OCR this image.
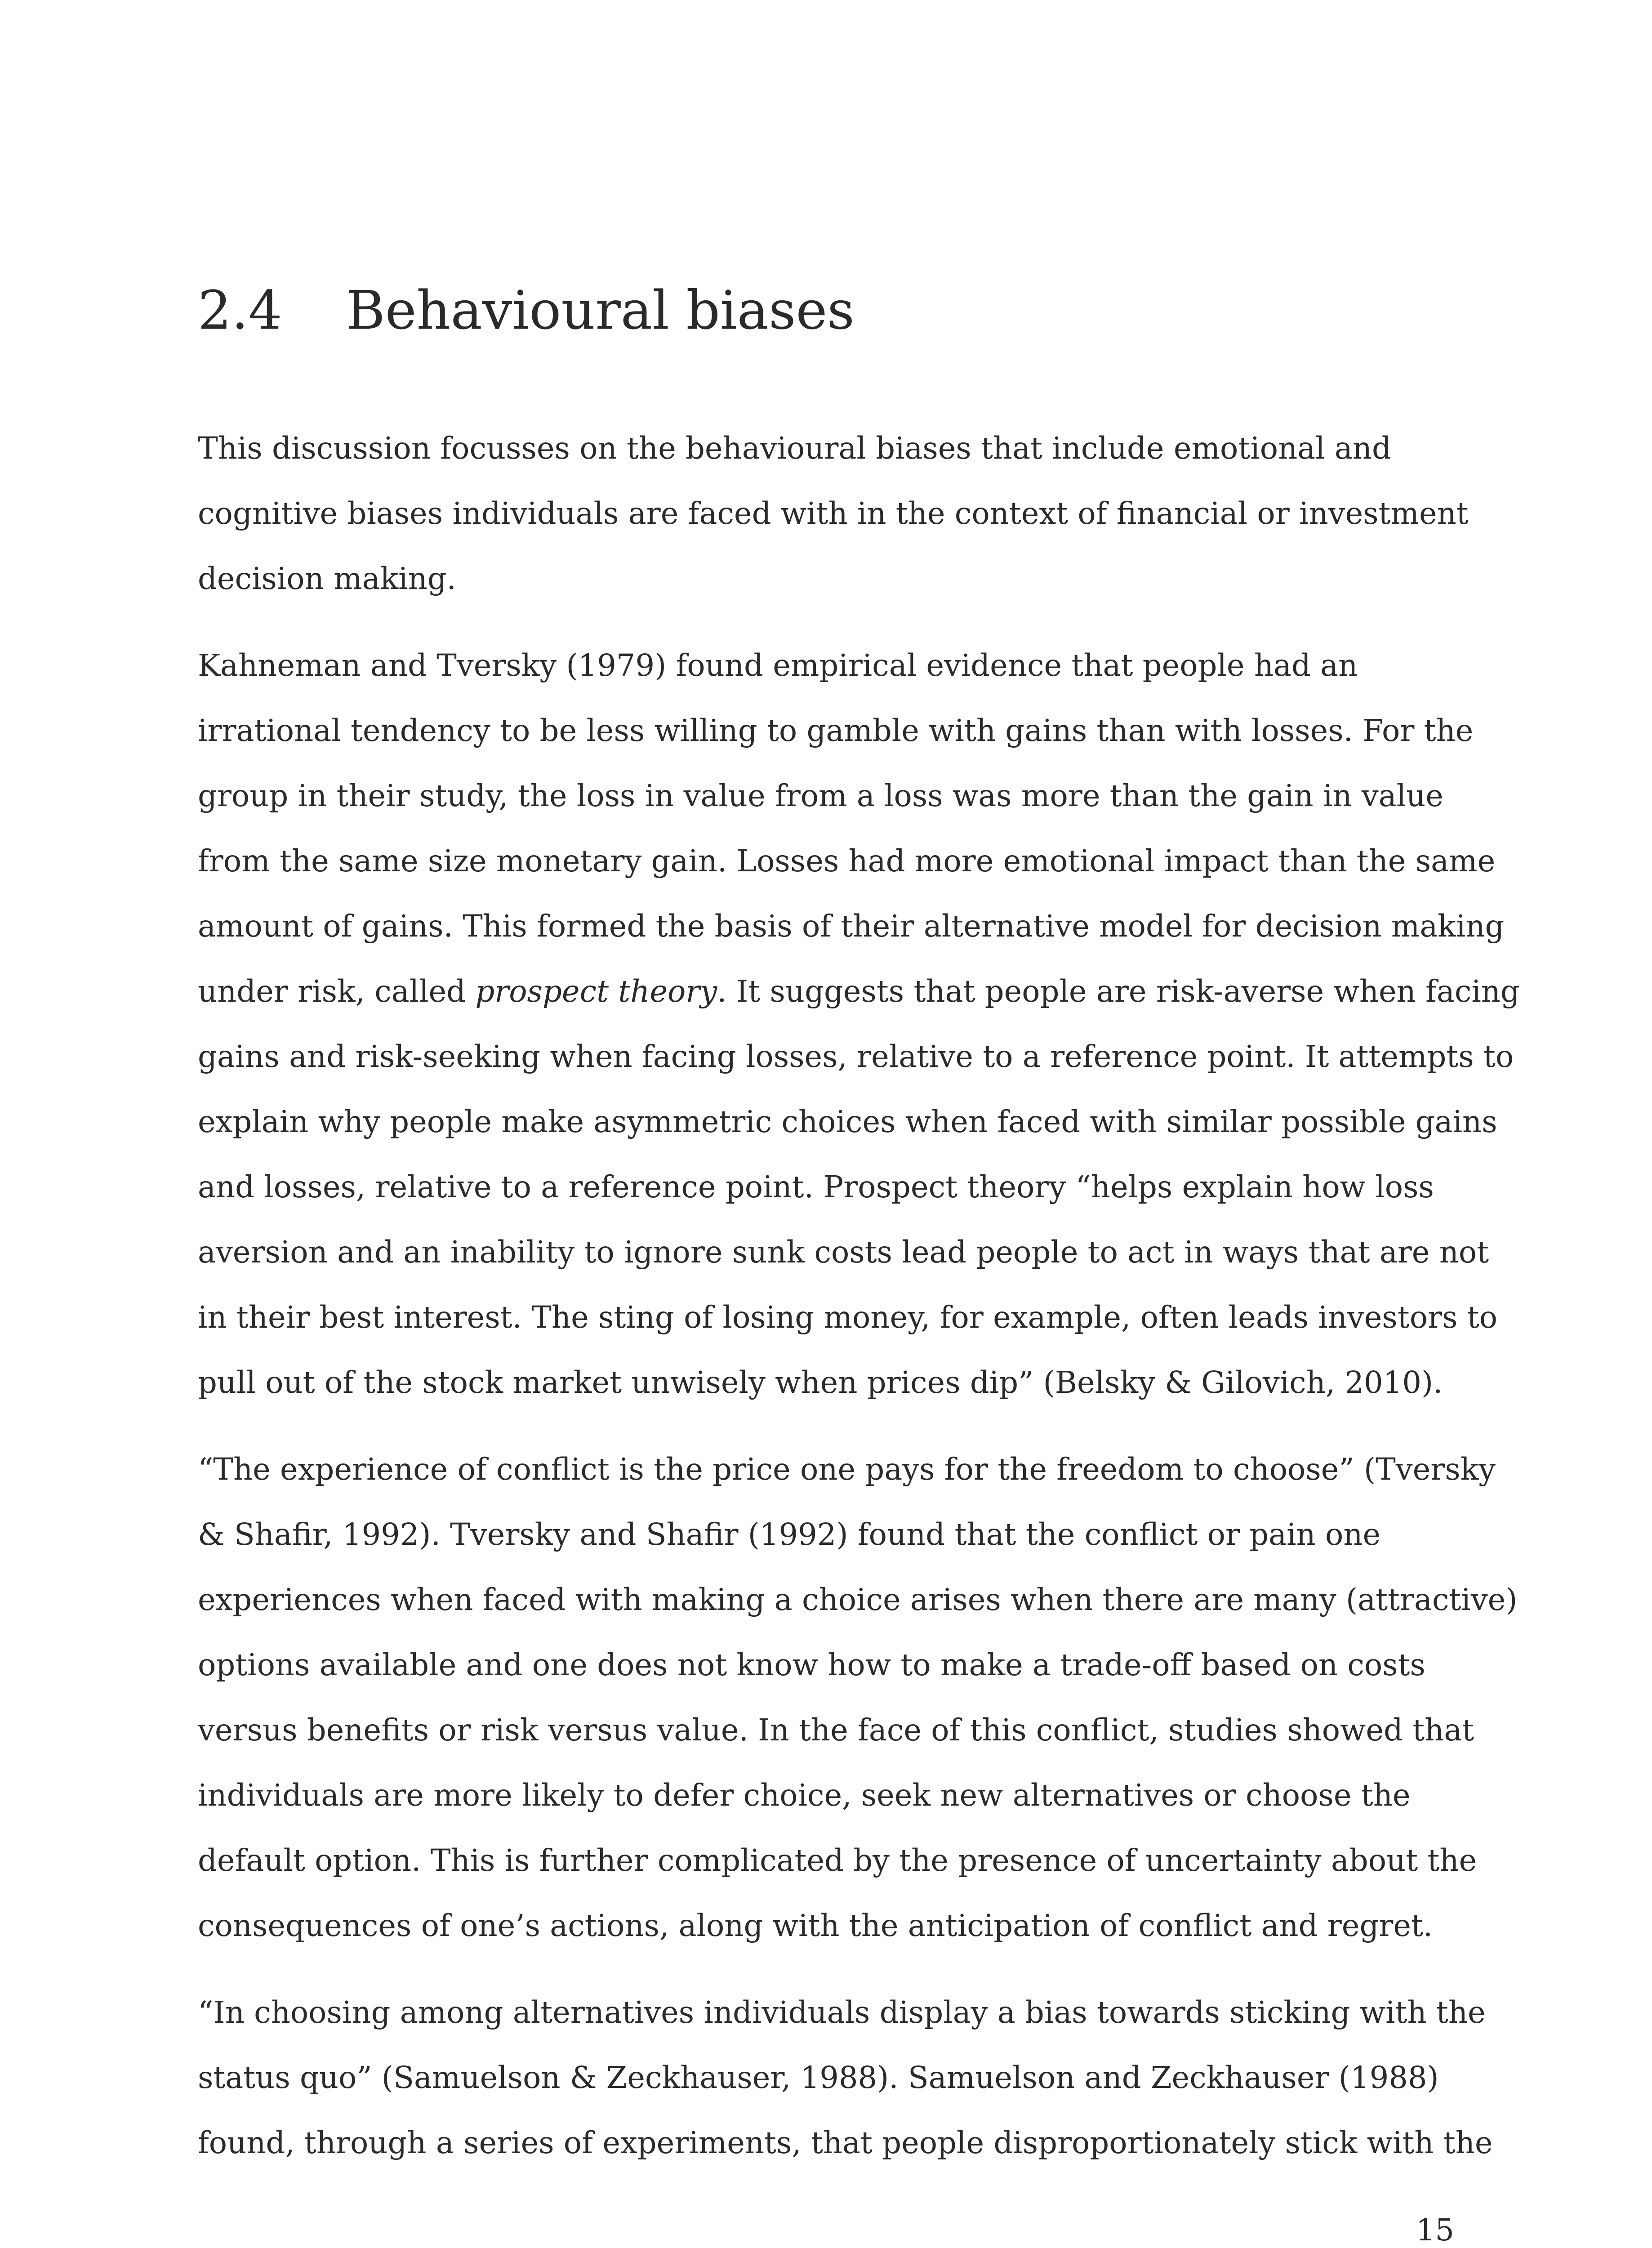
2.4 Behavioural biases

This discussion focusses on the behavioural biases that include emotional and
cognitive biases individuals are faced with in the context of financial or investment
decision making.

Kahneman and Tversky (1979) found empirical evidence that people had an
irrational tendency to be less willing to gamble with gains than with losses. For the
group in their study, the loss in value from a loss was more than the gain in value
from the same size monetary gain. Losses had more emotional impact than the same
amount of gains. This formed the basis of their alternative model for decision making
under risk, called prospect theory. It suggests that people are risk-averse when facing
gains and risk-seeking when facing losses, relative to a reference point. It attempts to
explain why people make asymmetric choices when faced with similar possible gains
and losses, relative to a reference point. Prospect theory “helps explain how loss
aversion and an inability to ignore sunk costs lead people to act in ways that are not
in their best interest. The sting of losing money, for example, often leads investors to
pull out of the stock market unwisely when prices dip” (Belsky & Gilovich, 2010).

“The experience of conflict is the price one pays for the freedom to choose” (Tversky
& Shafir, 1992). Tversky and Shafir (1992) found that the conflict or pain one
experiences when faced with making a choice arises when there are many (attractive)
options available and one does not know how to make a trade-off based on costs
versus benefits or risk versus value. In the face of this conflict, studies showed that
individuals are more likely to defer choice, seek new alternatives or choose the
default option. This is further complicated by the presence of uncertainty about the
consequences of one’s actions, along with the anticipation of conflict and regret.

“In choosing among alternatives individuals display a bias towards sticking with the
status quo” (Samuelson & Zeckhauser, 1988). Samuelson and Zeckhauser (1988)
found, through a series of experiments, that people disproportionately stick with the

15
